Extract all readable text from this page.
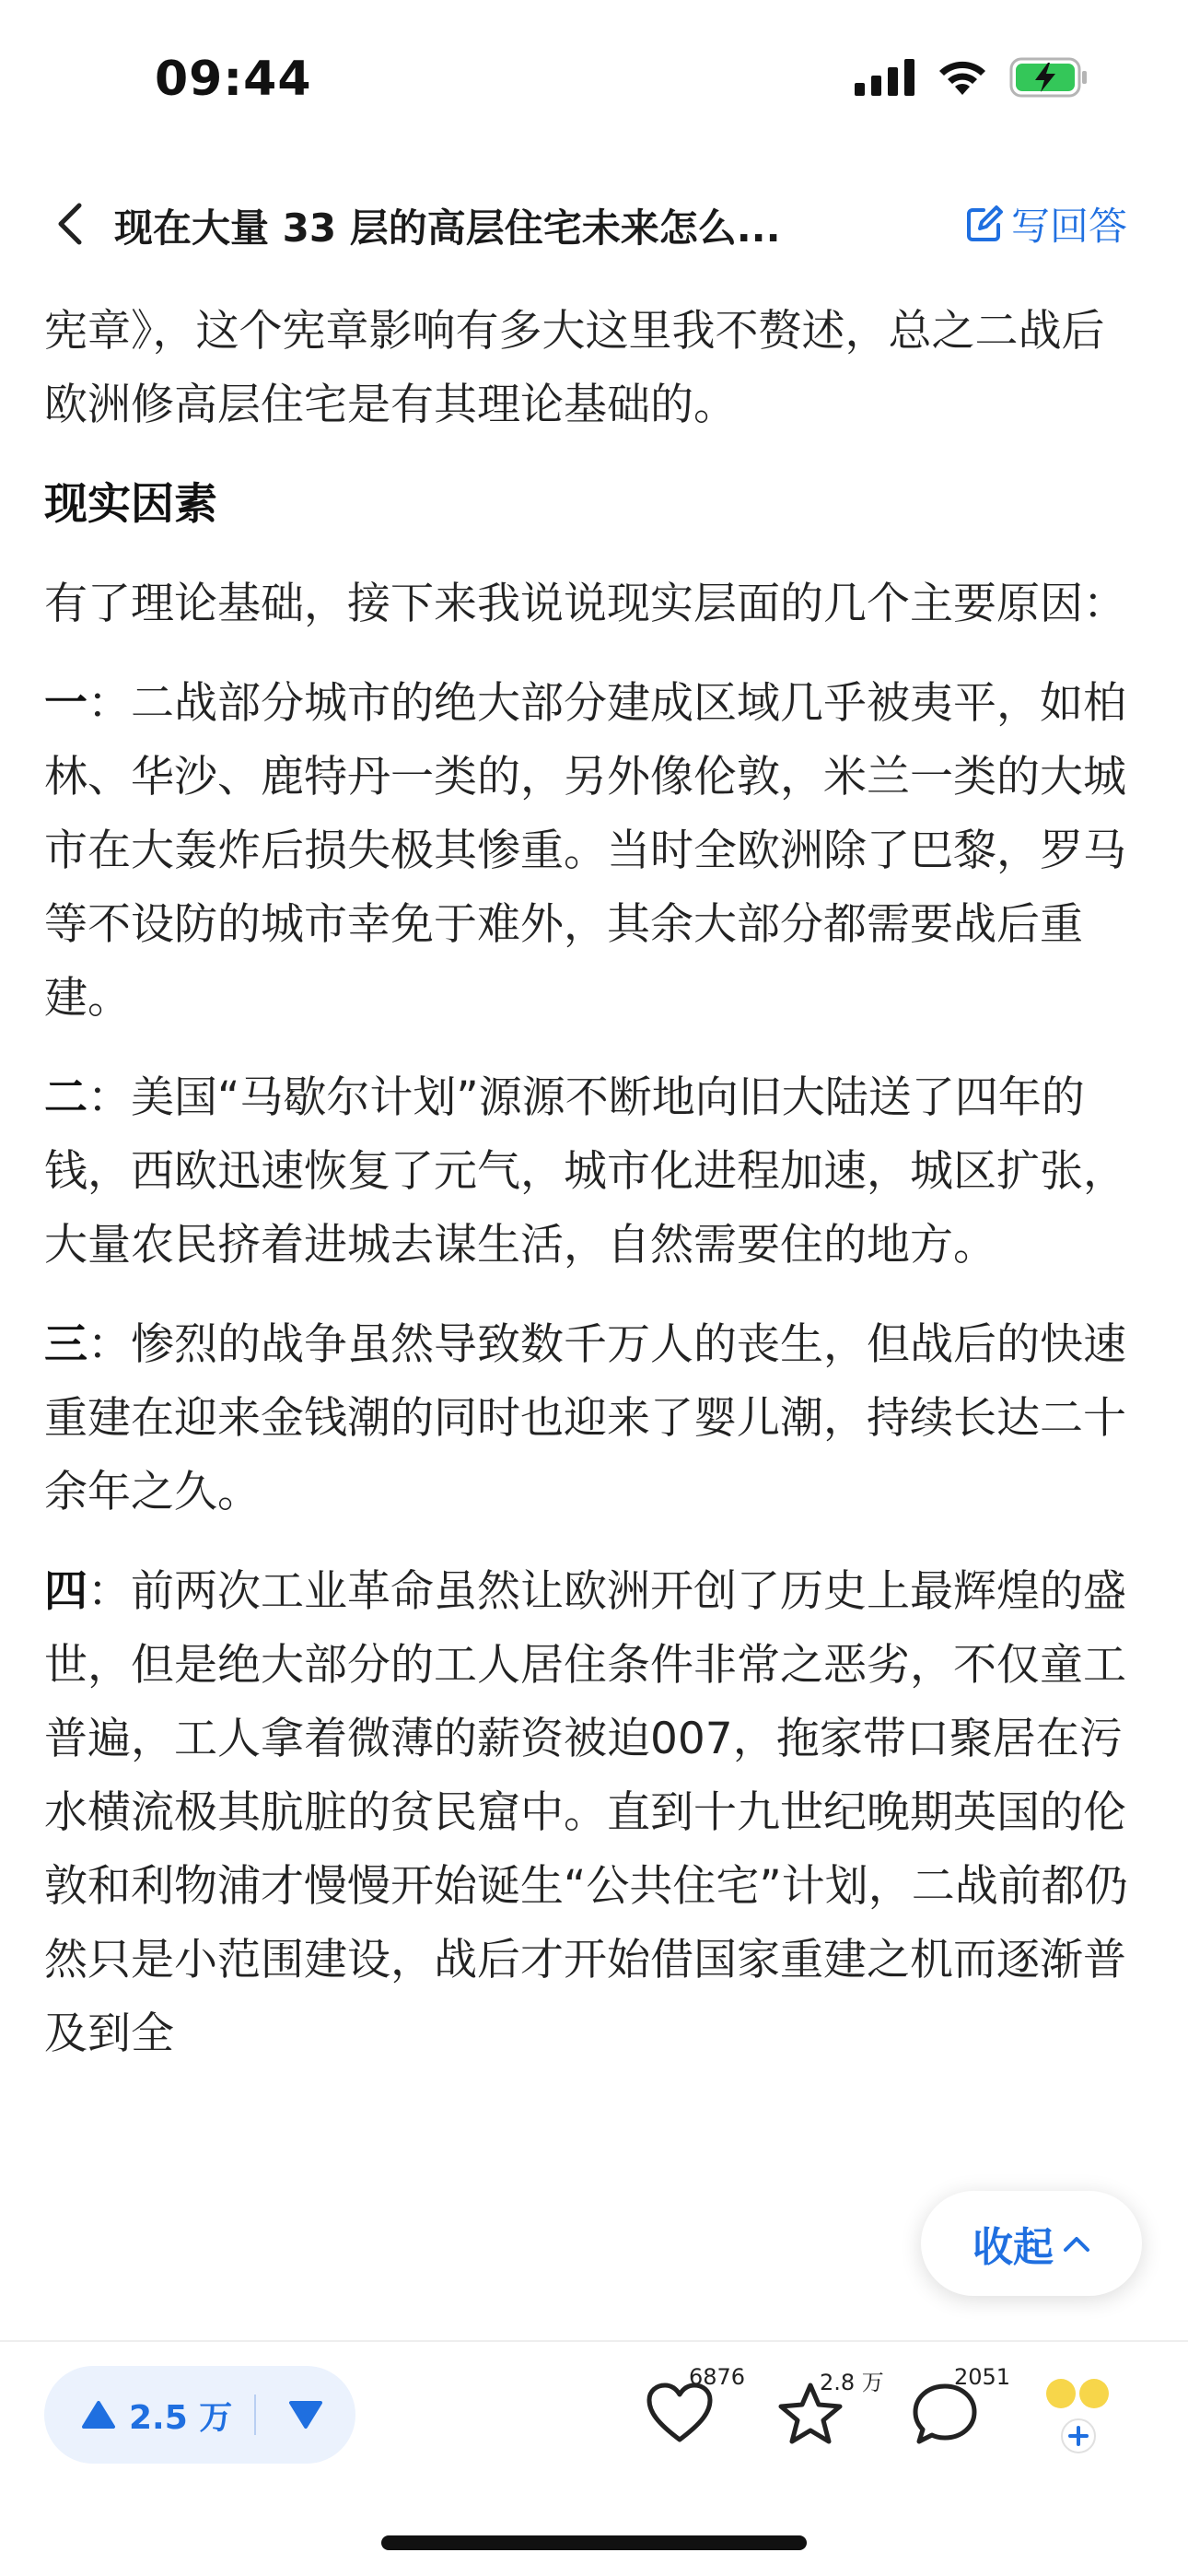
09:44
现在大量 33 层的高层住宅未来怎么...	写回答
宪章》，这个宪章影响有多大这里我不赘述，总之二战后欧洲修高层住宅是有其理论基础的。
现实因素
有了理论基础，接下来我说说现实层面的几个主要原因：
一：二战部分城市的绝大部分建成区域几乎被夷平，如柏林、华沙、鹿特丹一类的，另外像伦敦，米兰一类的大城市在大轰炸后损失极其惨重。当时全欧洲除了巴黎，罗马等不设防的城市幸免于难外，其余大部分都需要战后重建。
二：美国“马歇尔计划”源源不断地向旧大陆送了四年的钱，西欧迅速恢复了元气，城市化进程加速，城区扩张，大量农民挤着进城去谋生活，自然需要住的地方。
三：惨烈的战争虽然导致数千万人的丧生，但战后的快速重建在迎来金钱潮的同时也迎来了婴儿潮，持续长达二十余年之久。
四：前两次工业革命虽然让欧洲开创了历史上最辉煌的盛世，但是绝大部分的工人居住条件非常之恶劣，不仅童工普遍，工人拿着微薄的薪资被迫007，拖家带口聚居在污水横流极其肮脏的贫民窟中。直到十九世纪晚期英国的伦敦和利物浦才慢慢开始诞生“公共住宅”计划，二战前都仍然只是小范围建设，战后才开始借国家重建之机而逐渐普及到全
收起
2.5 万
6876	2.8 万	2051
